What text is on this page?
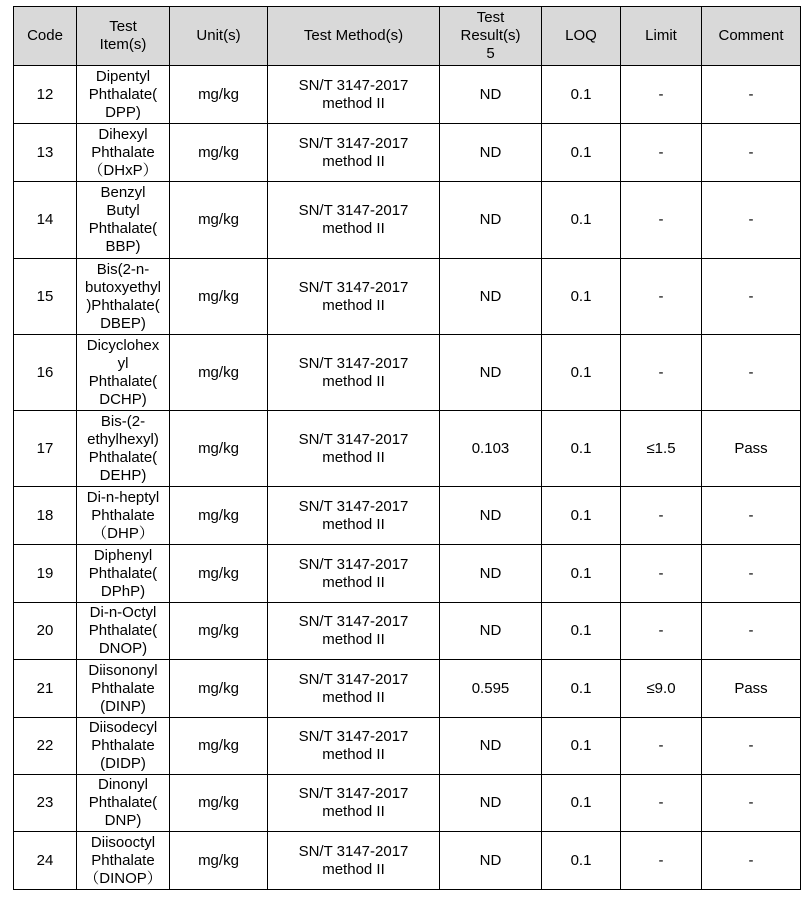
Code	Test
Item(s)	Unit(s)	Test Method(s)	Test
Result(s)
5	LOQ	Limit	Comment
12	Dipentyl
Phthalate(
DPP)	mg/kg	SN/T 3147-2017
method II	ND	0.1	-	-
13	Dihexyl
Phthalate
（DHxP）	mg/kg	SN/T 3147-2017
method II	ND	0.1	-	-
14	Benzyl
Butyl
Phthalate(
BBP)	mg/kg	SN/T 3147-2017
method II	ND	0.1	-	-
15	Bis(2-n-
butoxyethyl
)Phthalate(
DBEP)	mg/kg	SN/T 3147-2017
method II	ND	0.1	-	-
16	Dicyclohex
yl
Phthalate(
DCHP)	mg/kg	SN/T 3147-2017
method II	ND	0.1	-	-
17	Bis-(2-
ethylhexyl)
Phthalate(
DEHP)	mg/kg	SN/T 3147-2017
method II	0.103	0.1	≤1.5	Pass
18	Di-n-heptyl
Phthalate
（DHP）	mg/kg	SN/T 3147-2017
method II	ND	0.1	-	-
19	Diphenyl
Phthalate(
DPhP)	mg/kg	SN/T 3147-2017
method II	ND	0.1	-	-
20	Di-n-Octyl
Phthalate(
DNOP)	mg/kg	SN/T 3147-2017
method II	ND	0.1	-	-
21	Diisononyl
Phthalate
(DINP)	mg/kg	SN/T 3147-2017
method II	0.595	0.1	≤9.0	Pass
22	Diisodecyl
Phthalate
(DIDP)	mg/kg	SN/T 3147-2017
method II	ND	0.1	-	-
23	Dinonyl
Phthalate(
DNP)	mg/kg	SN/T 3147-2017
method II	ND	0.1	-	-
24	Diisooctyl
Phthalate
（DINOP）	mg/kg	SN/T 3147-2017
method II	ND	0.1	-	-
